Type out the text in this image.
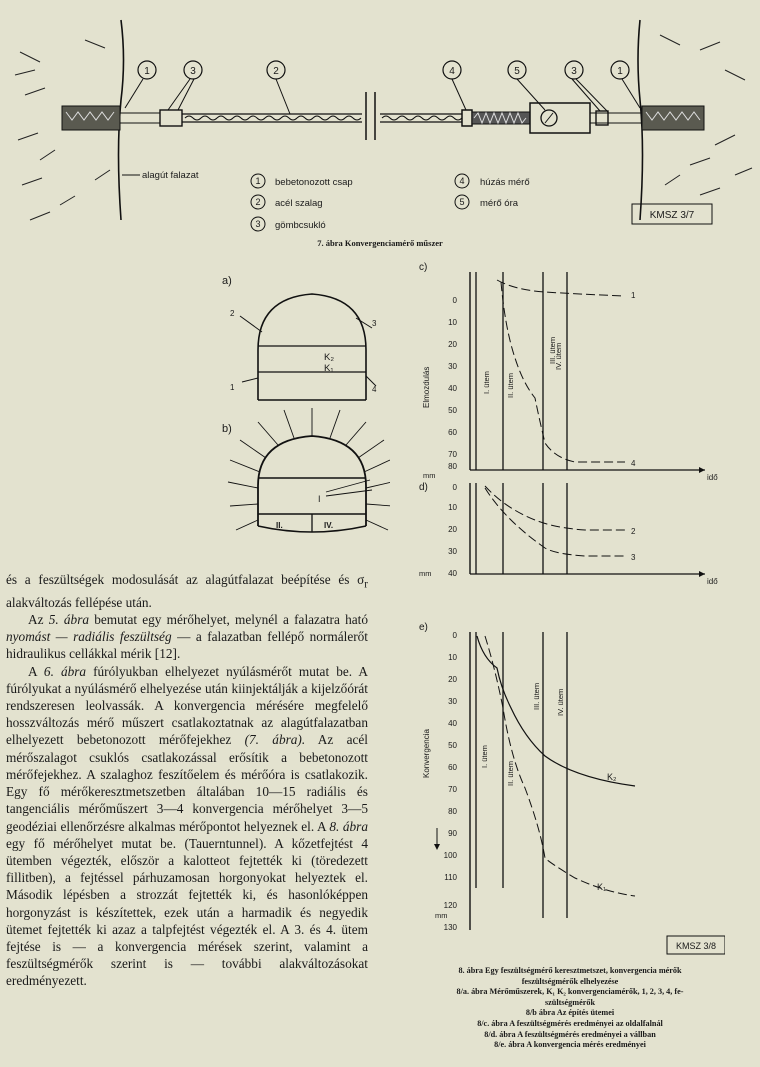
1	3	2	4	5	3	1
alagút falazat	1
2
3
4
5
bebetonozott csap
acél szalag
gömbcsukló
húzás mérő
mérő óra
KMSZ 3/7
7. ábra Konvergenciamérő műszer
a)
2
3
1	4
K₂
K₁
b)
I
II.	IV.
c)
idő
0
10
20
30
40
50
60
70
80
mm
Elmozdulás	I. ütem II. ütem
III. ütem
IV. ütem
1
4
d)
idő
0
10
20
30
40
mm
2
3
e)
0
10
20
30
40
50
60
70
80
90
100
110
120
130
mm
Konvergencia	I. ütem
II. ütem
III. ütem IV. ütem
K₂
K₁
KMSZ 3/8
8. ábra Egy feszültségmérő keresztmetszet, konvergencia mérők
feszültségmérők elhelyezése
8/a. ábra Mérőműszerek, K₁ K₂ konvergenciamérők, 1, 2, 3, 4, fe-
szültségmérők
8/b ábra Az építés ütemei
8/c. ábra A feszültségmérés eredményei az oldalfalnál
8/d. ábra A feszültségmérés eredményei a vállban
8/e. ábra A konvergencia mérés eredményei

és a feszültségek modosulását az alagútfalazat beépítése és $\sigma_r$ alakváltozás fellépése után.

Az 5. ábra bemutat egy mérőhelyet, melynél a falazatra ható nyomást — radiális feszültség — a falazatban fellépő normálerőt hidraulikus cellákkal mérik [12].

A 6. ábra fúrólyukban elhelyezet nyúlásmérőt mutat be. A fúrólyukat a nyúlásmérő elhelyezése után kiinjektálják a kijelzőórát rendszeresen leolvassák. A konvergencia mérésére megfelelő hosszváltozás mérő műszert csatlakoztatnak az alagútfalazatban elhelyezett bebetonozott mérőfejekhez (7. ábra). Az acél mérőszalagot csuklós csatlakozással erősítik a bebetonozott mérőfejekhez. A szalaghoz feszítőelem és mérőóra is csatlakozik. Egy fő mérőkeresztmetszetben általában 10—15 radiális és tangenciális mérőműszert 3—4 konvergencia mérőhelyet 3—5 geodéziai ellenőrzésre alkalmas mérőpontot helyeznek el. A 8. ábra egy fő mérőhelyet mutat be. (Tauerntunnel). A kőzetfejtést 4 ütemben végezték, először a kalotteot fejtették ki (töredezett fillitben), a fejtéssel párhuzamosan horgonyokat helyeztek el. Második lépésben a strozzát fejtették ki, és hasonlóképpen horgonyzást is készítettek, ezek után a harmadik és negyedik ütemet fejtették ki azaz a talpfejtést végezték el. A 3. és 4. ütem fejtése is — a konvergencia mérések szerint, valamint a feszültségmérők szerint is — további alakváltozásokat eredményezett.
